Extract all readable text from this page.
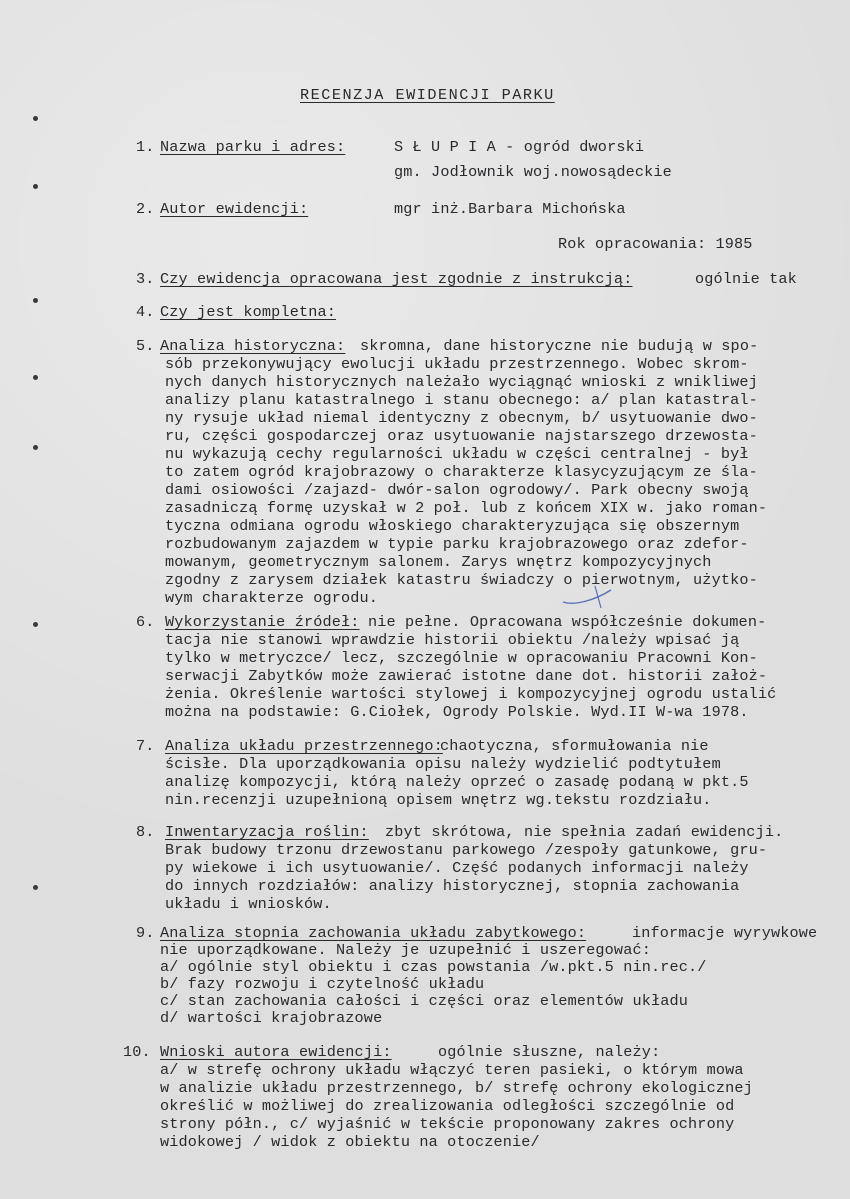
RECENZJA EWIDENCJI PARKU
1. Nazwa parku i adres:	S Ł U P I A - ogród dworski
gm. Jodłownik woj.nowosądeckie
2. Autor ewidencji:	mgr inż.Barbara Michońska
Rok opracowania: 1985
3. Czy ewidencja opracowana jest zgodnie z instrukcją:	ogólnie tak
4. Czy jest kompletna:
5. Analiza historyczna: skromna, dane historyczne nie budują w spo-
sób przekonywujący ewolucji układu przestrzennego. Wobec skrom-
nych danych historycznych należało wyciągnąć wnioski z wnikliwej
analizy planu katastralnego i stanu obecnego: a/ plan katastral-
ny rysuje układ niemal identyczny z obecnym, b/ usytuowanie dwo-
ru, części gospodarczej oraz usytuowanie najstarszego drzewosta-
nu wykazują cechy regularności układu w części centralnej - był
to zatem ogród krajobrazowy o charakterze klasycyzującym ze śla-
dami osiowości /zajazd- dwór-salon ogrodowy/. Park obecny swoją
zasadniczą formę uzyskał w 2 poł. lub z końcem XIX w. jako roman-
tyczna odmiana ogrodu włoskiego charakteryzująca się obszernym
rozbudowanym zajazdem w typie parku krajobrazowego oraz zdefor-
mowanym, geometrycznym salonem. Zarys wnętrz kompozycyjnych
zgodny z zarysem działek katastru świadczy o pierwotnym, użytko-
wym charakterze ogrodu.
6. Wykorzystanie źródeł: nie pełne. Opracowana współcześnie dokumen-
tacja nie stanowi wprawdzie historii obiektu /należy wpisać ją
tylko w metryczce/ lecz, szczególnie w opracowaniu Pracowni Kon-
serwacji Zabytków może zawierać istotne dane dot. historii założ-
żenia. Określenie wartości stylowej i kompozycyjnej ogrodu ustalić
można na podstawie: G.Ciołek, Ogrody Polskie. Wyd.II W-wa 1978.
7. Analiza układu przestrzennego:
chaotyczna, sformułowania nie
ścisłe. Dla uporządkowania opisu należy wydzielić podtytułem
analizę kompozycji, którą należy oprzeć o zasadę podaną w pkt.5
nin.recenzji uzupełnioną opisem wnętrz wg.tekstu rozdziału.
8. Inwentaryzacja roślin: zbyt skrótowa, nie spełnia zadań ewidencji.
Brak budowy trzonu drzewostanu parkowego /zespoły gatunkowe, gru-
py wiekowe i ich usytuowanie/. Część podanych informacji należy
do innych rozdziałów: analizy historycznej, stopnia zachowania
układu i wniosków.
9. Analiza stopnia zachowania układu zabytkowego:	informacje wyrywkowe
nie uporządkowane. Należy je uzupełnić i uszeregować:
a/ ogólnie styl obiektu i czas powstania /w.pkt.5 nin.rec./
b/ fazy rozwoju i czytelność układu
c/ stan zachowania całości i części oraz elementów układu
d/ wartości krajobrazowe
10. Wnioski autora ewidencji:	ogólnie słuszne, należy:
a/ w strefę ochrony układu włączyć teren pasieki, o którym mowa
w analizie układu przestrzennego, b/ strefę ochrony ekologicznej
określić w możliwej do zrealizowania odległości szczególnie od
strony półn., c/ wyjaśnić w tekście proponowany zakres ochrony
widokowej / widok z obiektu na otoczenie/
